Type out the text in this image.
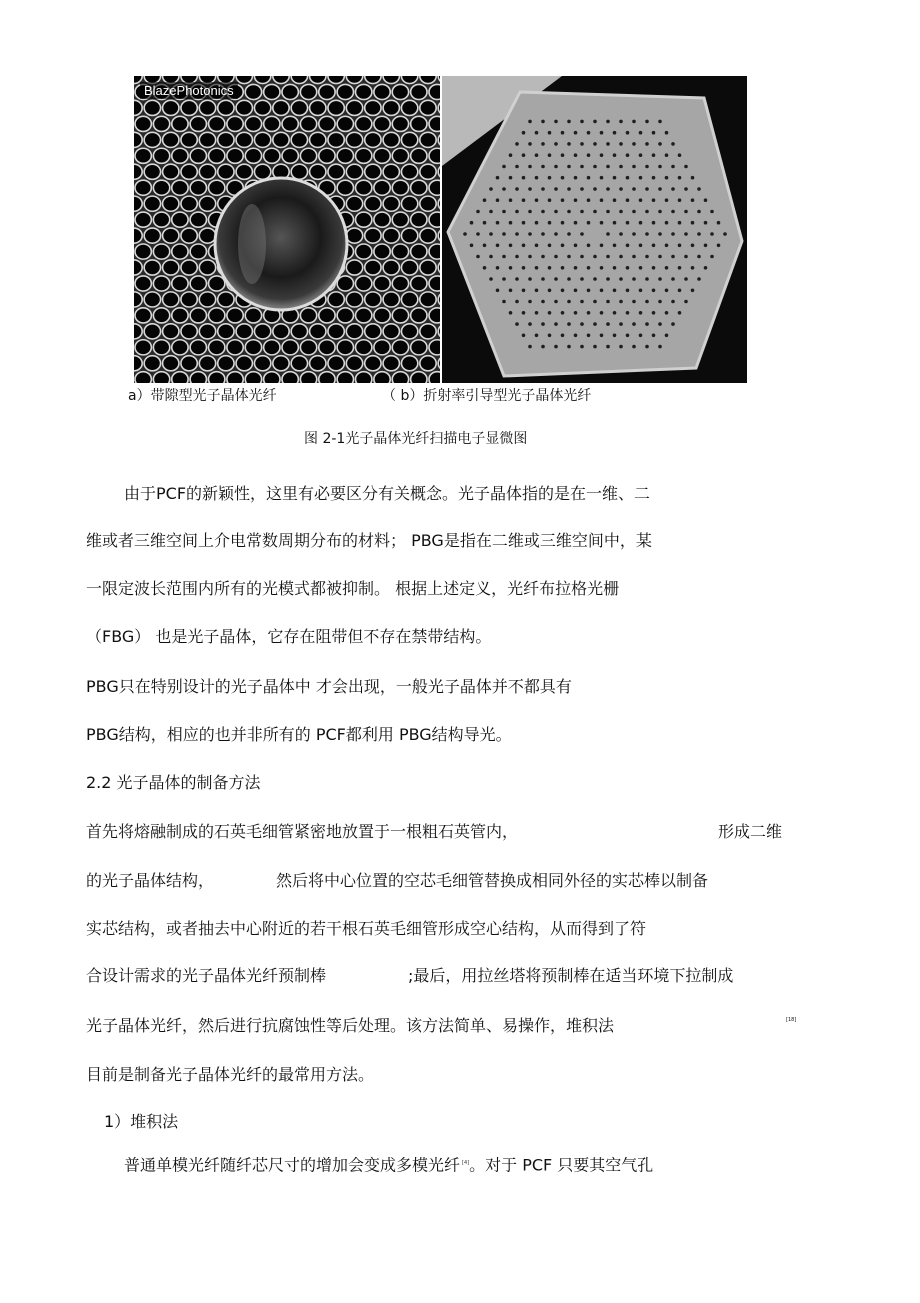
BlazePhotonics
a）带隙型光子晶体光纤	（ b）折射率引导型光子晶体光纤
图 2-1光子晶体光纤扫描电子显微图
由于PCF的新颖性，这里有必要区分有关概念。光子晶体指的是在一维、二
维或者三维空间上介电常数周期分布的材料； PBG是指在二维或三维空间中，某
一限定波长范围内所有的光模式都被抑制。 根据上述定义，光纤布拉格光栅
（FBG） 也是光子晶体，它存在阻带但不存在禁带结构。
PBG只在特别设计的光子晶体中 才会出现，一般光子晶体并不都具有
PBG结构，相应的也并非所有的 PCF都利用 PBG结构导光。
2.2 光子晶体的制备方法
首先将熔融制成的石英毛细管紧密地放置于一根粗石英管内，	形成二维
的光子晶体结构，	然后将中心位置的空芯毛细管替换成相同外径的实芯棒以制备
实芯结构，或者抽去中心附近的若干根石英毛细管形成空心结构，从而得到了符
合设计需求的光子晶体光纤预制棒	;最后，用拉丝塔将预制棒在适当环境下拉制成
光子晶体光纤，然后进行抗腐蚀性等后处理。该方法简单、易操作，堆积法	[18]
目前是制备光子晶体光纤的最常用方法。
1）堆积法
普通单模光纤随纤芯尺寸的增加会变成多模光纤 [4]。对于 PCF 只要其空气孔
